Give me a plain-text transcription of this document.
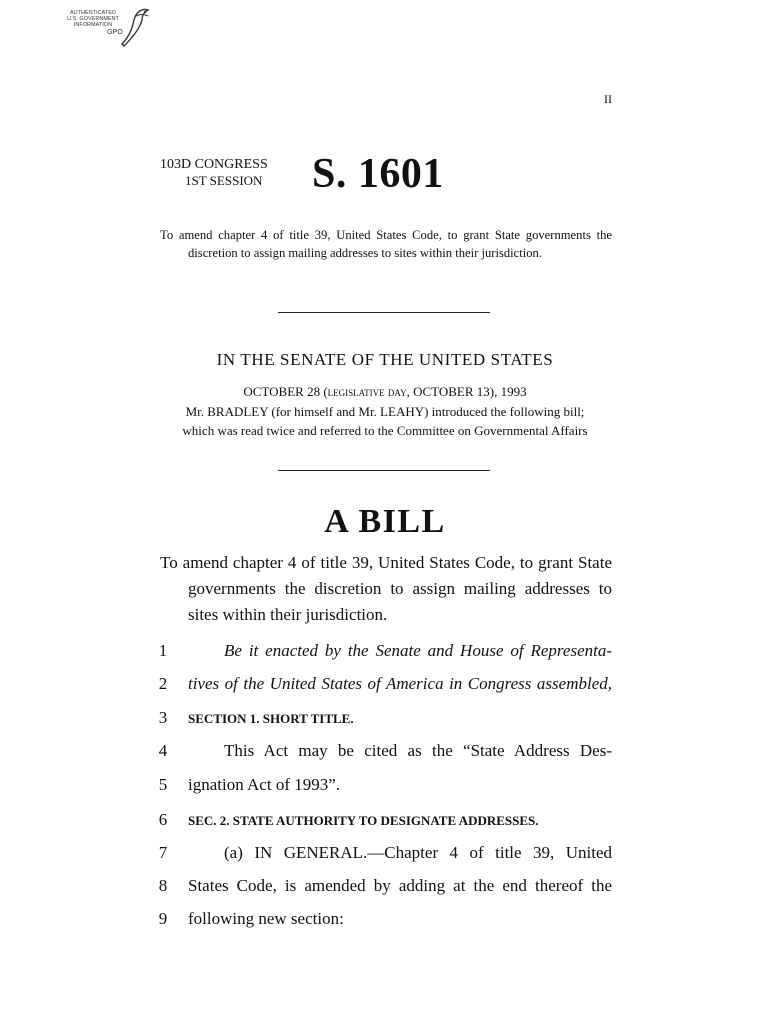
AUTHENTICATED
U.S. GOVERNMENT
INFORMATION
GPO
II
103D CONGRESS
1ST SESSION S. 1601
To amend chapter 4 of title 39, United States Code, to grant State governments the discretion to assign mailing addresses to sites within their jurisdiction.
IN THE SENATE OF THE UNITED STATES
OCTOBER 28 (legislative day, OCTOBER 13), 1993
Mr. BRADLEY (for himself and Mr. LEAHY) introduced the following bill;
which was read twice and referred to the Committee on Governmental Affairs
A BILL
To amend chapter 4 of title 39, United States Code, to grant State governments the discretion to assign mailing addresses to sites within their jurisdiction.
1	Be it enacted by the Senate and House of Representa-
2	tives of the United States of America in Congress assembled,
3	SECTION 1. SHORT TITLE.
4	This Act may be cited as the “State Address Des-
5	ignation Act of 1993”.
6	SEC. 2. STATE AUTHORITY TO DESIGNATE ADDRESSES.
7	(a) IN GENERAL.—Chapter 4 of title 39, United
8	States Code, is amended by adding at the end thereof the
9	following new section:
